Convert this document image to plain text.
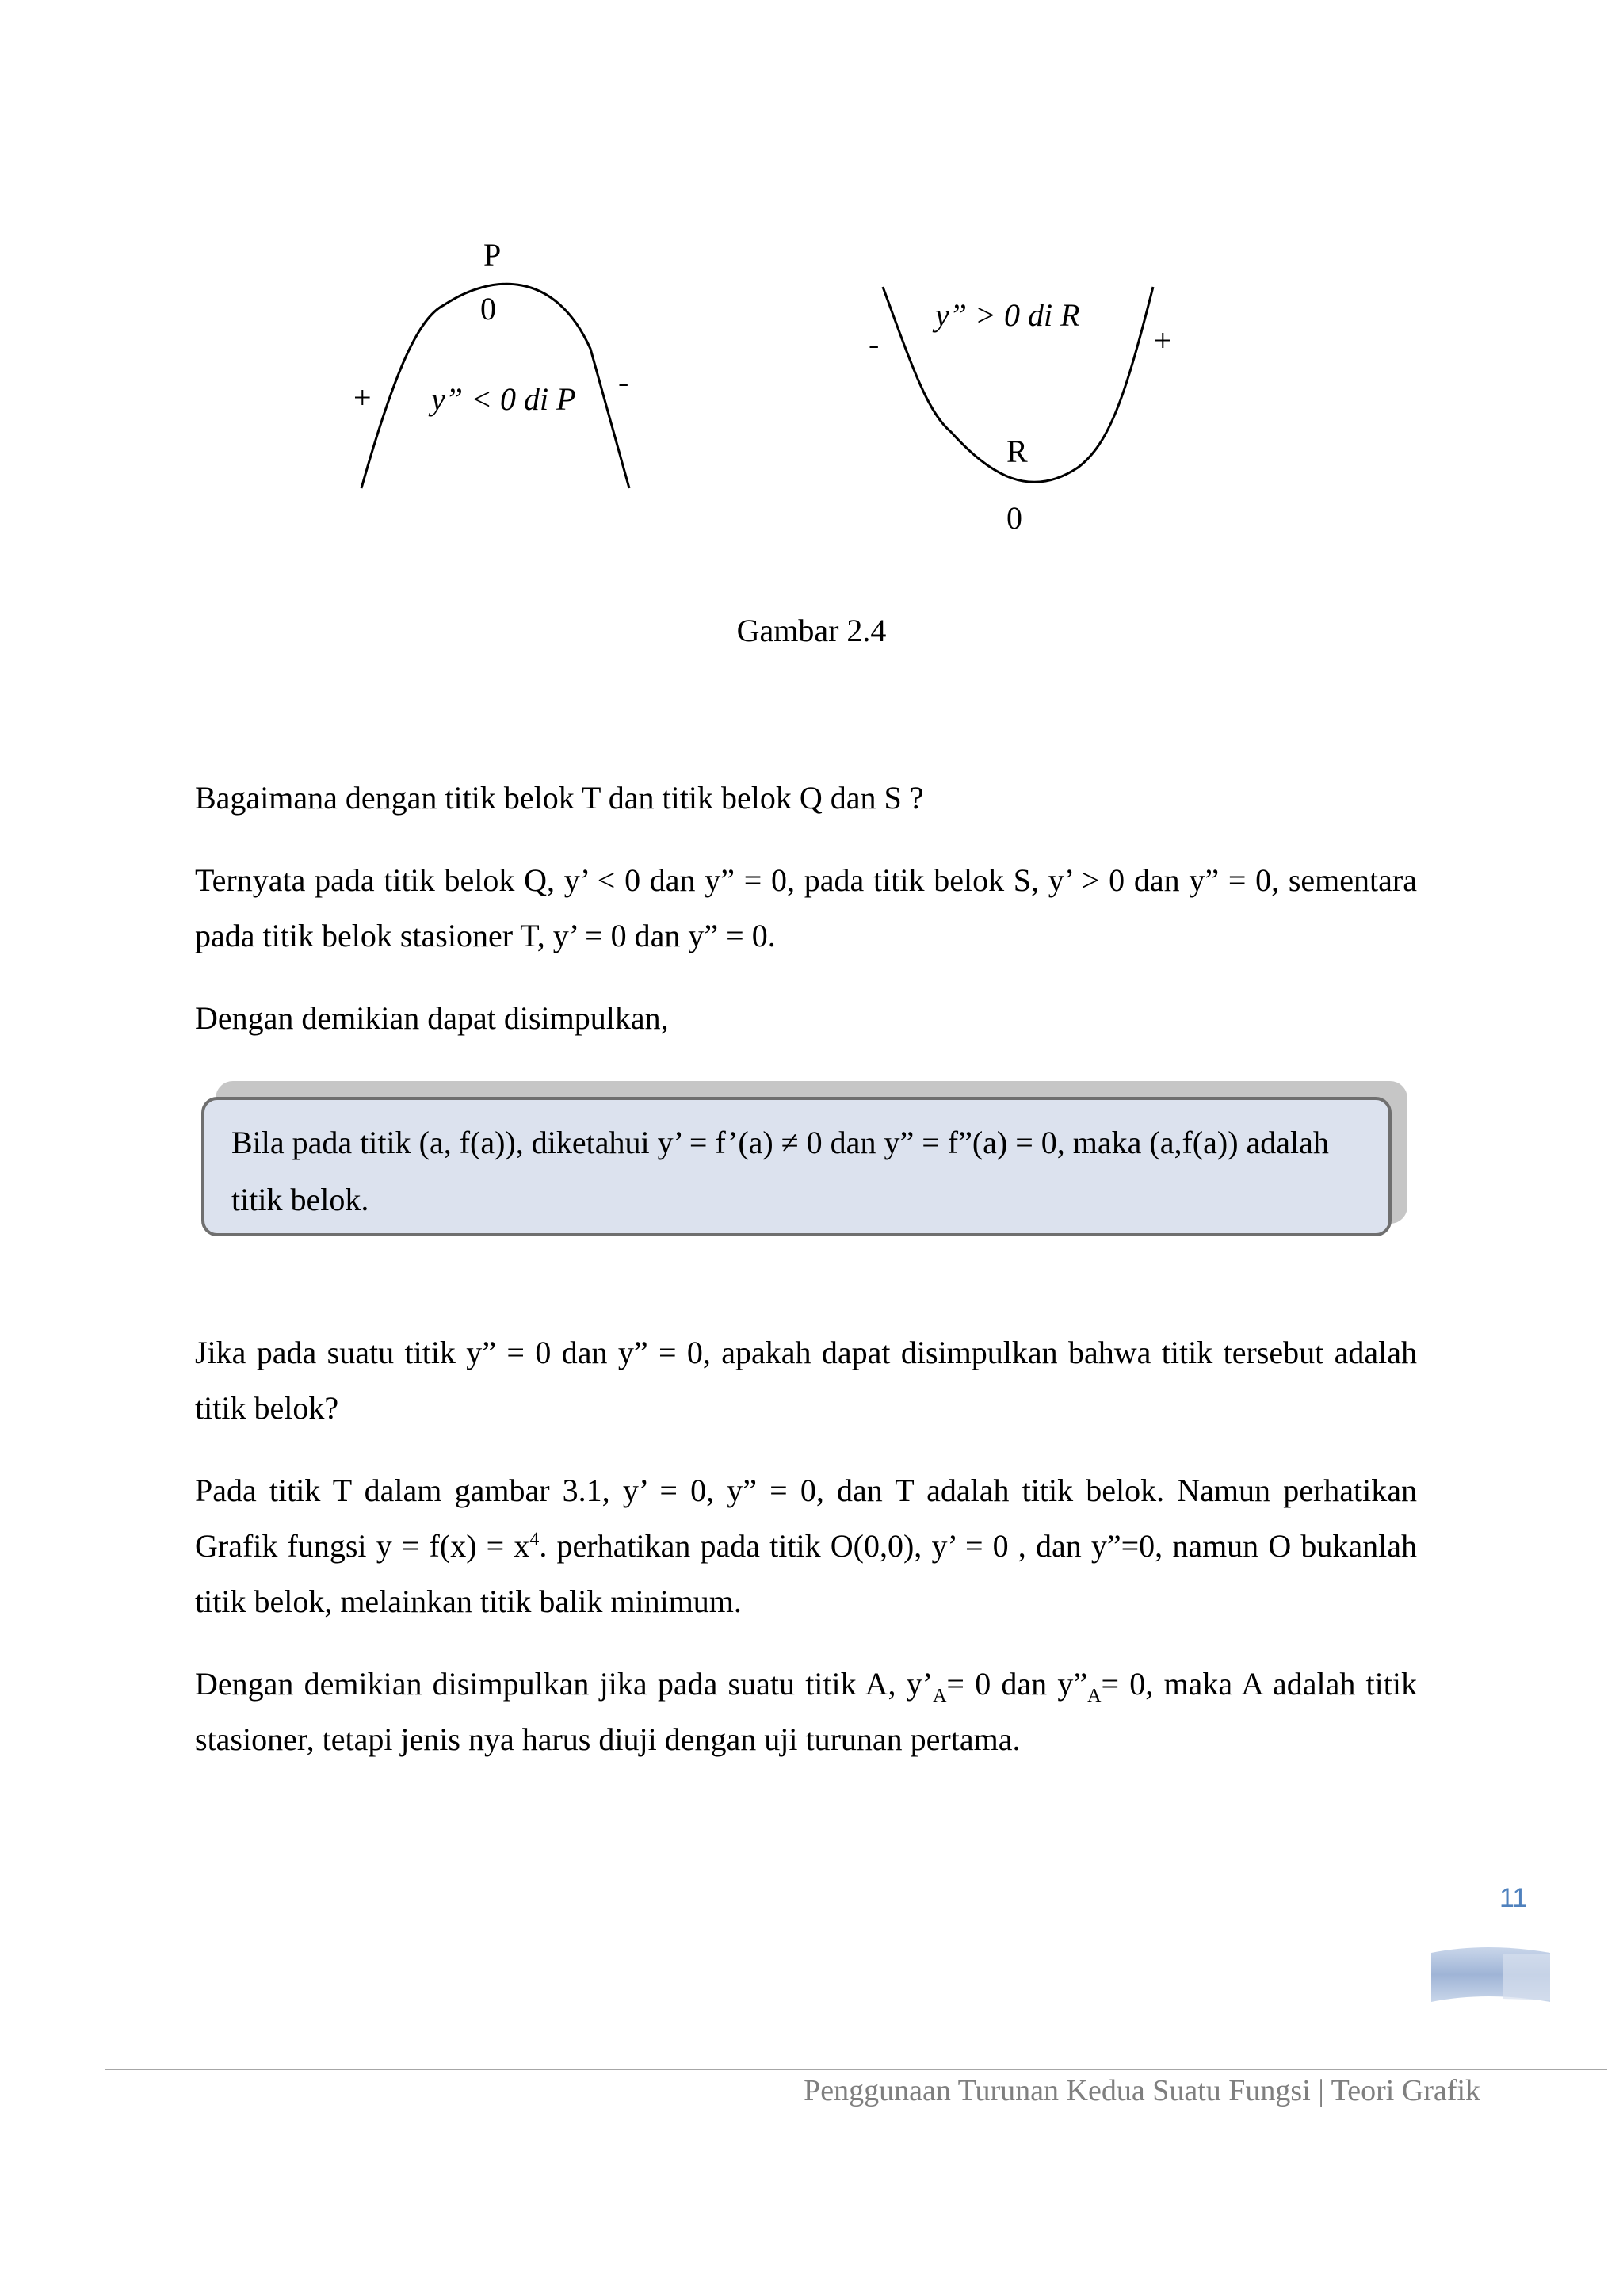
P
0
+ y” < 0 di P -
-
y” > 0 di R
+
R
0
Gambar 2.4

Bagaimana dengan titik belok T dan titik belok Q dan S ?

Ternyata pada titik belok Q, y’ < 0 dan y” = 0, pada titik belok S, y’ > 0 dan y” = 0, sementara pada titik belok stasioner T, y’ = 0 dan y” = 0.

Dengan demikian dapat disimpulkan,

Bila pada titik (a, f(a)), diketahui y’ = f’(a) ≠ 0 dan y” = f”(a) = 0, maka (a,f(a)) adalah titik belok.

Jika pada suatu titik y” = 0 dan y” = 0, apakah dapat disimpulkan bahwa titik tersebut adalah titik belok?

Pada titik T dalam gambar 3.1, y’ = 0, y” = 0, dan T adalah titik belok. Namun perhatikan Grafik fungsi $y = f(x) = x^4$. perhatikan pada titik O(0,0), y’ = 0 , dan y”=0, namun O bukanlah titik belok, melainkan titik balik minimum.

Dengan demikian disimpulkan jika pada suatu titik A, $y’_A= 0$ dan $y”_A= 0$, maka A adalah titik stasioner, tetapi jenis nya harus diuji dengan uji turunan pertama.

11
Penggunaan Turunan Kedua Suatu Fungsi | Teori Grafik
